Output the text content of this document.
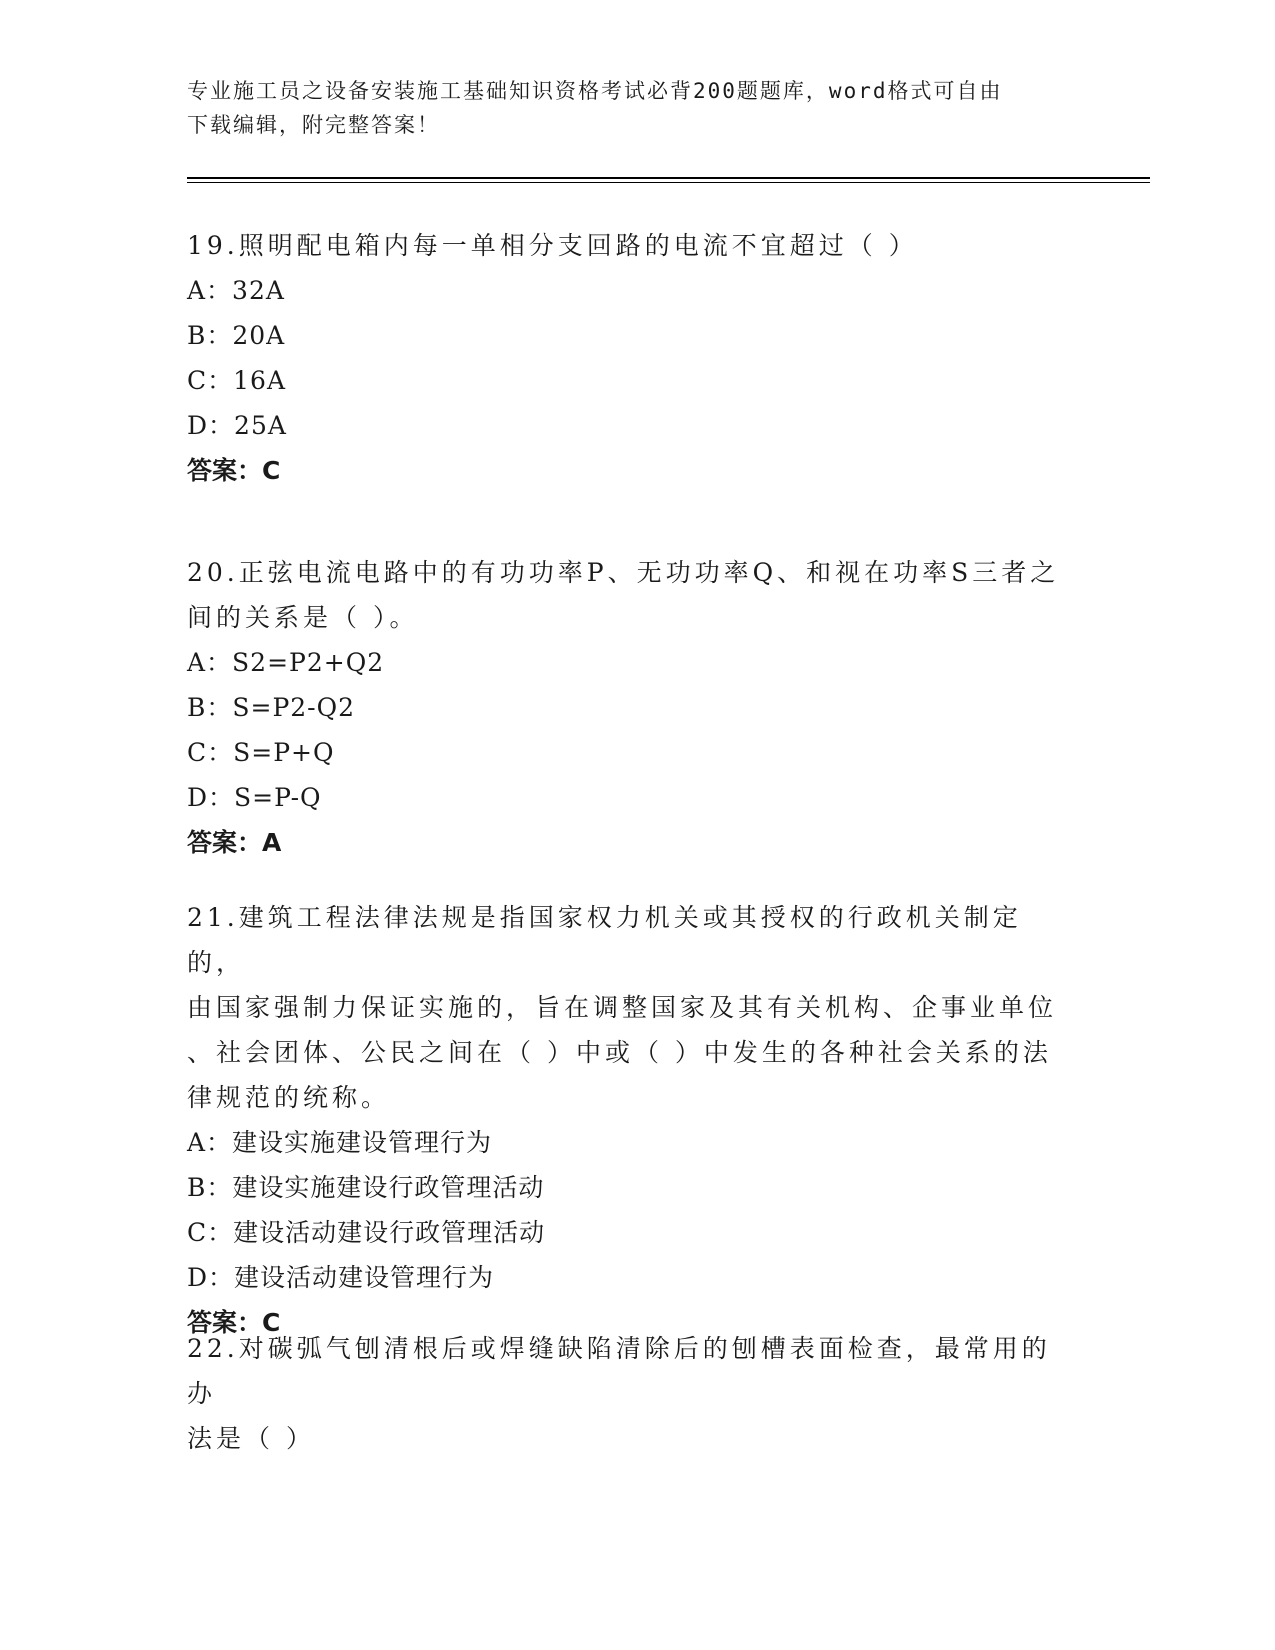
专业施工员之设备安装施工基础知识资格考试必背200题题库，word格式可自由
下载编辑，附完整答案！

19.照明配电箱内每一单相分支回路的电流不宜超过（ ）

A：32A

B：20A

C：16A

D：25A

答案：C

20.正弦电流电路中的有功功率P、无功功率Q、和视在功率S三者之

间的关系是（ ）。

A：S2=P2+Q2

B：S=P2-Q2

C：S=P+Q

D：S=P-Q

答案：A

21.建筑工程法律法规是指国家权力机关或其授权的行政机关制定的，

由国家强制力保证实施的，旨在调整国家及其有关机构、企事业单位

、社会团体、公民之间在（ ）中或（ ）中发生的各种社会关系的法

律规范的统称。

A：建设实施建设管理行为

B：建设实施建设行政管理活动

C：建设活动建设行政管理活动

D：建设活动建设管理行为

答案：C

22.对碳弧气刨清根后或焊缝缺陷清除后的刨槽表面检查，最常用的办

法是（ ）
